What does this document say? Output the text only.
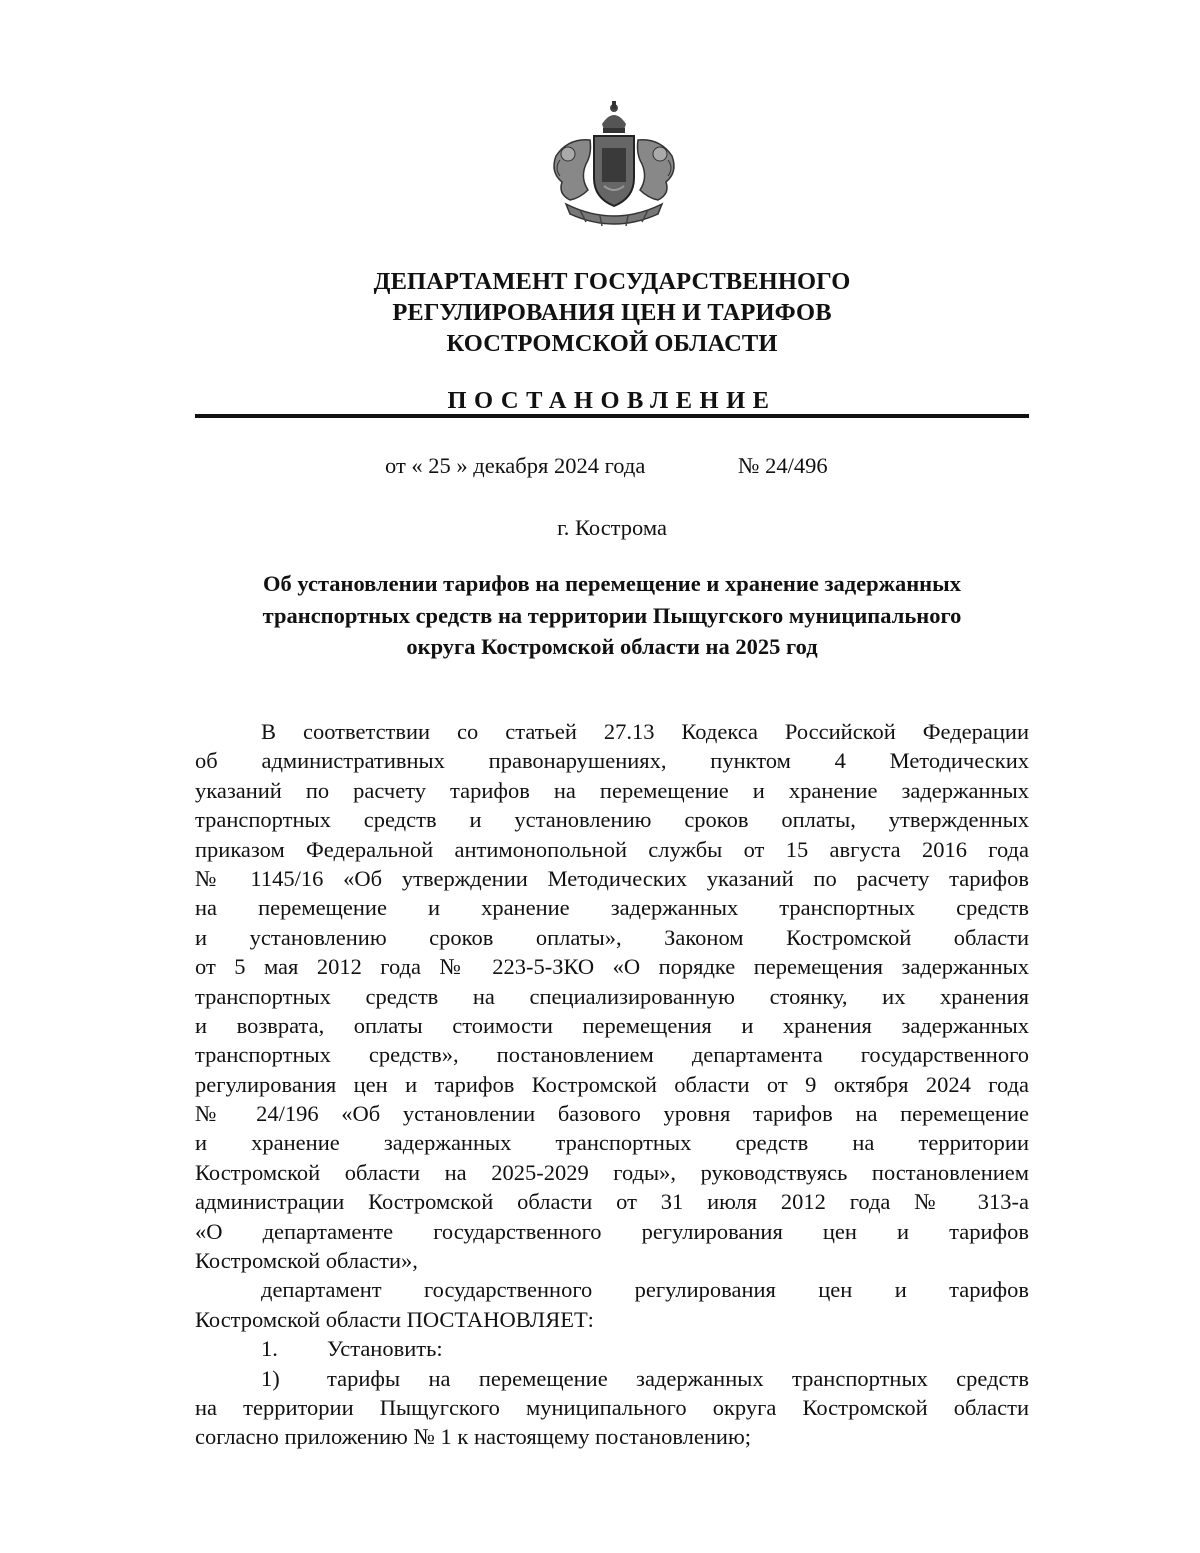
ДЕПАРТАМЕНТ ГОСУДАРСТВЕННОГО
РЕГУЛИРОВАНИЯ ЦЕН И ТАРИФОВ
КОСТРОМСКОЙ ОБЛАСТИ
ПОСТАНОВЛЕНИЕ
от « 25 » декабря 2024 года	№ 24/496
г. Кострома
Об установлении тарифов на перемещение и хранение задержанных
транспортных средств на территории Пыщугского муниципального
округа Костромской области на 2025 год
В соответствии со статьей 27.13 Кодекса Российской Федерации
об административных правонарушениях, пунктом 4 Методических
указаний по расчету тарифов на перемещение и хранение задержанных
транспортных средств и установлению сроков оплаты, утвержденных
приказом Федеральной антимонопольной службы от 15 августа 2016 года
№ 1145/16 «Об утверждении Методических указаний по расчету тарифов
на перемещение и хранение задержанных транспортных средств
и установлению сроков оплаты», Законом Костромской области
от 5 мая 2012 года № 223-5-ЗКО «О порядке перемещения задержанных
транспортных средств на специализированную стоянку, их хранения
и возврата, оплаты стоимости перемещения и хранения задержанных
транспортных средств», постановлением департамента государственного
регулирования цен и тарифов Костромской области от 9 октября 2024 года
№ 24/196 «Об установлении базового уровня тарифов на перемещение
и хранение задержанных транспортных средств на территории
Костромской области на 2025-2029 годы», руководствуясь постановлением
администрации Костромской области от 31 июля 2012 года № 313-а
«О департаменте государственного регулирования цен и тарифов
Костромской области»,
департамент государственного регулирования цен и тарифов
Костромской области ПОСТАНОВЛЯЕТ:
1. Установить:
1) тарифы на перемещение задержанных транспортных средств
на территории Пыщугского муниципального округа Костромской области
согласно приложению № 1 к настоящему постановлению;
